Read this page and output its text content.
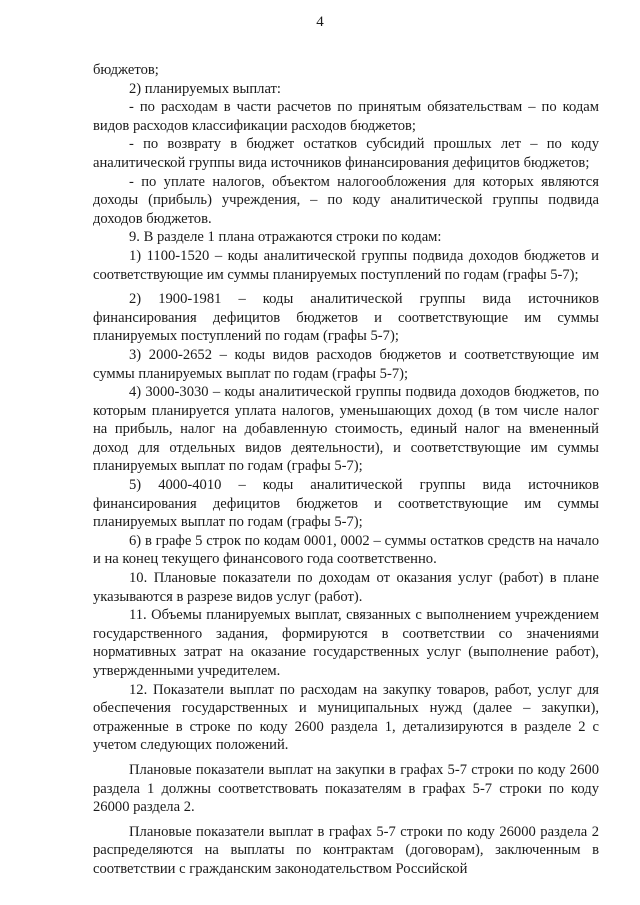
4

бюджетов;

2) планируемых выплат:

- по расходам в части расчетов по принятым обязательствам – по кодам видов расходов классификации расходов бюджетов;

- по возврату в бюджет остатков субсидий прошлых лет – по коду аналитической группы вида источников финансирования дефицитов бюджетов;

- по уплате налогов, объектом налогообложения для которых являются доходы (прибыль) учреждения, – по коду аналитической группы подвида доходов бюджетов.

9. В разделе 1 плана отражаются строки по кодам:

1) 1100-1520 – коды аналитической группы подвида доходов бюджетов и соответствующие им суммы планируемых поступлений по годам (графы 5-7);

2) 1900-1981 – коды аналитической группы вида источников финансирования дефицитов бюджетов и соответствующие им суммы планируемых поступлений по годам (графы 5-7);

3) 2000-2652 – коды видов расходов бюджетов и соответствующие им суммы планируемых выплат по годам (графы 5-7);

4) 3000-3030 – коды аналитической группы подвида доходов бюджетов, по которым планируется уплата налогов, уменьшающих доход (в том числе налог на прибыль, налог на добавленную стоимость, единый налог на вмененный доход для отдельных видов деятельности), и соответствующие им суммы планируемых выплат по годам (графы 5-7);

5) 4000-4010 – коды аналитической группы вида источников финансирования дефицитов бюджетов и соответствующие им суммы планируемых выплат по годам (графы 5-7);

6) в графе 5 строк по кодам 0001, 0002 – суммы остатков средств на начало и на конец текущего финансового года соответственно.

10. Плановые показатели по доходам от оказания услуг (работ) в плане указываются в разрезе видов услуг (работ).

11. Объемы планируемых выплат, связанных с выполнением учреждением государственного задания, формируются в соответствии со значениями нормативных затрат на оказание государственных услуг (выполнение работ), утвержденными учредителем.

12. Показатели выплат по расходам на закупку товаров, работ, услуг для обеспечения государственных и муниципальных нужд (далее – закупки), отраженные в строке по коду 2600 раздела 1, детализируются в разделе 2 с учетом следующих положений.

Плановые показатели выплат на закупки в графах 5-7 строки по коду 2600 раздела 1 должны соответствовать показателям в графах 5-7 строки по коду 26000 раздела 2.

Плановые показатели выплат в графах 5-7 строки по коду 26000 раздела 2 распределяются на выплаты по контрактам (договорам), заключенным в соответствии с гражданским законодательством Российской
